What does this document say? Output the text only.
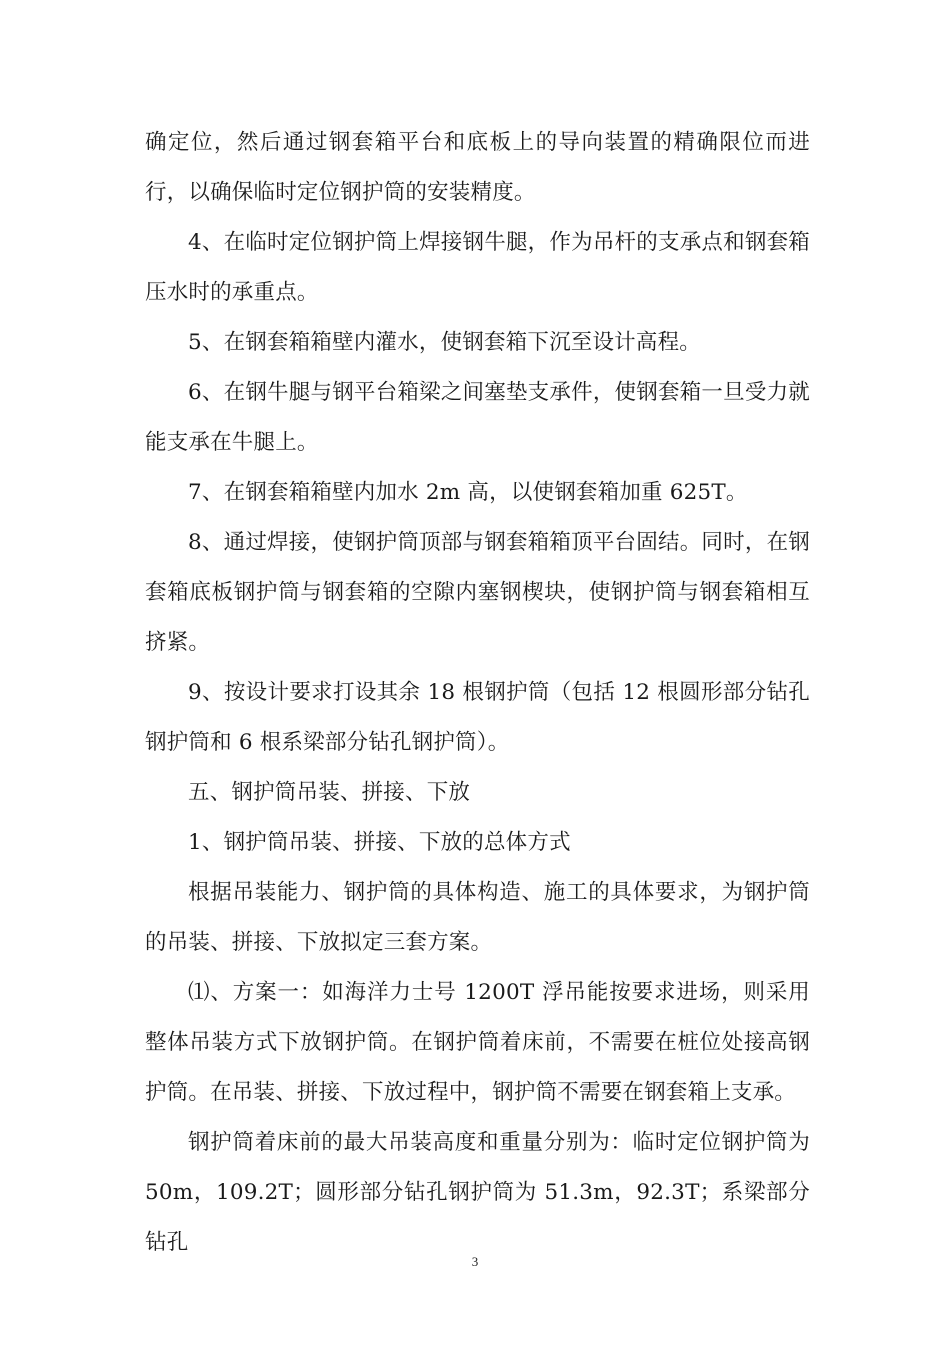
确定位，然后通过钢套箱平台和底板上的导向装置的精确限位而进行，以确保临时定位钢护筒的安装精度。

4、在临时定位钢护筒上焊接钢牛腿，作为吊杆的支承点和钢套箱压水时的承重点。

5、在钢套箱箱壁内灌水，使钢套箱下沉至设计高程。

6、在钢牛腿与钢平台箱梁之间塞垫支承件，使钢套箱一旦受力就能支承在牛腿上。

7、在钢套箱箱壁内加水 2m 高，以使钢套箱加重 625T。

8、通过焊接，使钢护筒顶部与钢套箱箱顶平台固结。同时，在钢套箱底板钢护筒与钢套箱的空隙内塞钢楔块，使钢护筒与钢套箱相互挤紧。

9、按设计要求打设其余 18 根钢护筒（包括 12 根圆形部分钻孔钢护筒和 6 根系梁部分钻孔钢护筒）。

五、钢护筒吊装、拼接、下放

1、钢护筒吊装、拼接、下放的总体方式

根据吊装能力、钢护筒的具体构造、施工的具体要求，为钢护筒的吊装、拼接、下放拟定三套方案。

⑴、方案一：如海洋力士号 1200T 浮吊能按要求进场，则采用整体吊装方式下放钢护筒。在钢护筒着床前，不需要在桩位处接高钢护筒。在吊装、拼接、下放过程中，钢护筒不需要在钢套箱上支承。

钢护筒着床前的最大吊装高度和重量分别为：临时定位钢护筒为 50m，109.2T；圆形部分钻孔钢护筒为 51.3m，92.3T；系梁部分钻孔

3
